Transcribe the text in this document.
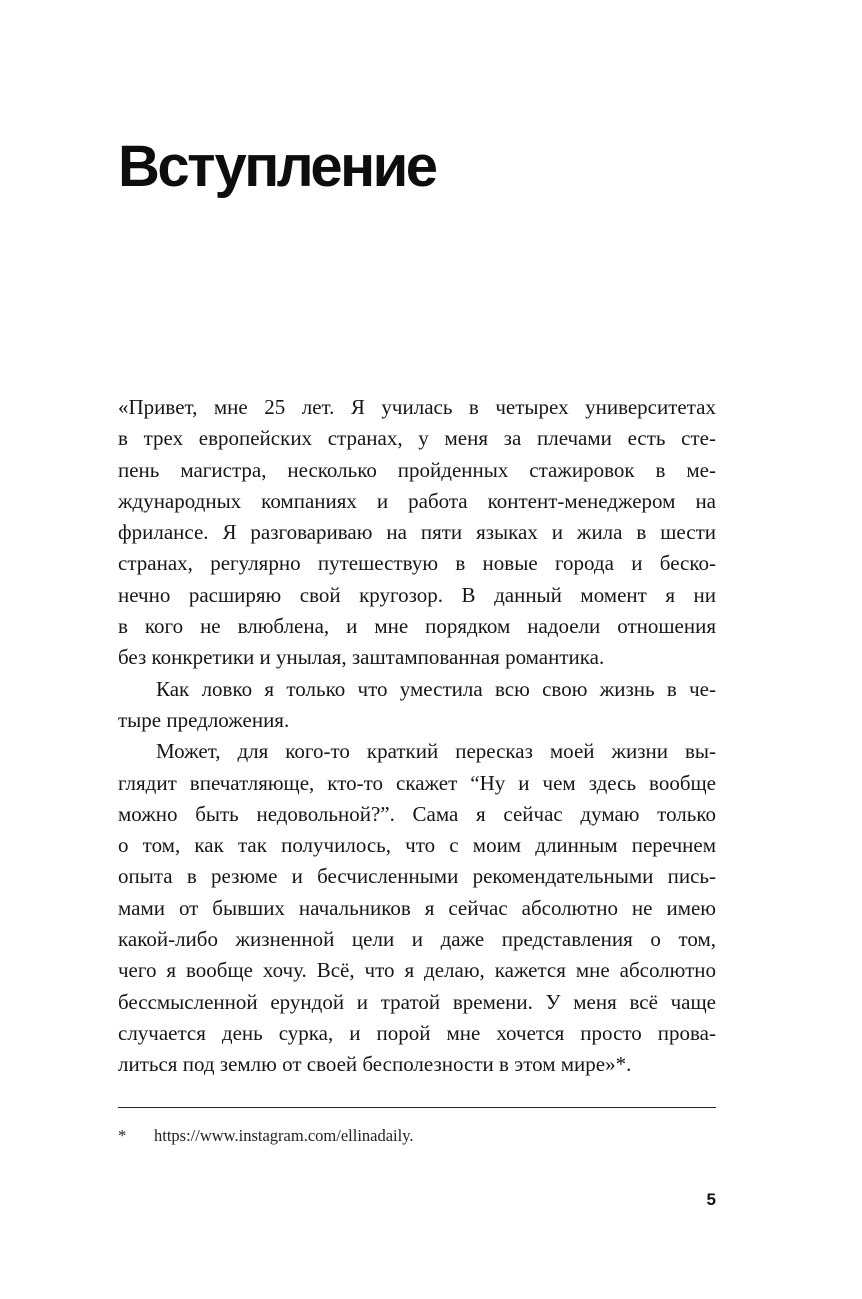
Вступление
«Привет, мне 25 лет. Я училась в четырех университетах
в трех европейских странах, у меня за плечами есть сте-
пень магистра, несколько пройденных стажировок в ме-
ждународных компаниях и работа контент-менеджером на
фрилансе. Я разговариваю на пяти языках и жила в шести
странах, регулярно путешествую в новые города и беско-
нечно расширяю свой кругозор. В данный момент я ни
в кого не влюблена, и мне порядком надоели отношения
без конкретики и унылая, заштампованная романтика.
Как ловко я только что уместила всю свою жизнь в че-
тыре предложения.
Может, для кого-то краткий пересказ моей жизни вы-
глядит впечатляюще, кто-то скажет “Ну и чем здесь вообще
можно быть недовольной?”. Сама я сейчас думаю только
о том, как так получилось, что с моим длинным перечнем
опыта в резюме и бесчисленными рекомендательными пись-
мами от бывших начальников я сейчас абсолютно не имею
какой-либо жизненной цели и даже представления о том,
чего я вообще хочу. Всё, что я делаю, кажется мне абсолютно
бессмысленной ерундой и тратой времени. У меня всё чаще
случается день сурка, и порой мне хочется просто прова-
литься под землю от своей бесполезности в этом мире»*.
* https://www.instagram.com/ellinadaily.
5
